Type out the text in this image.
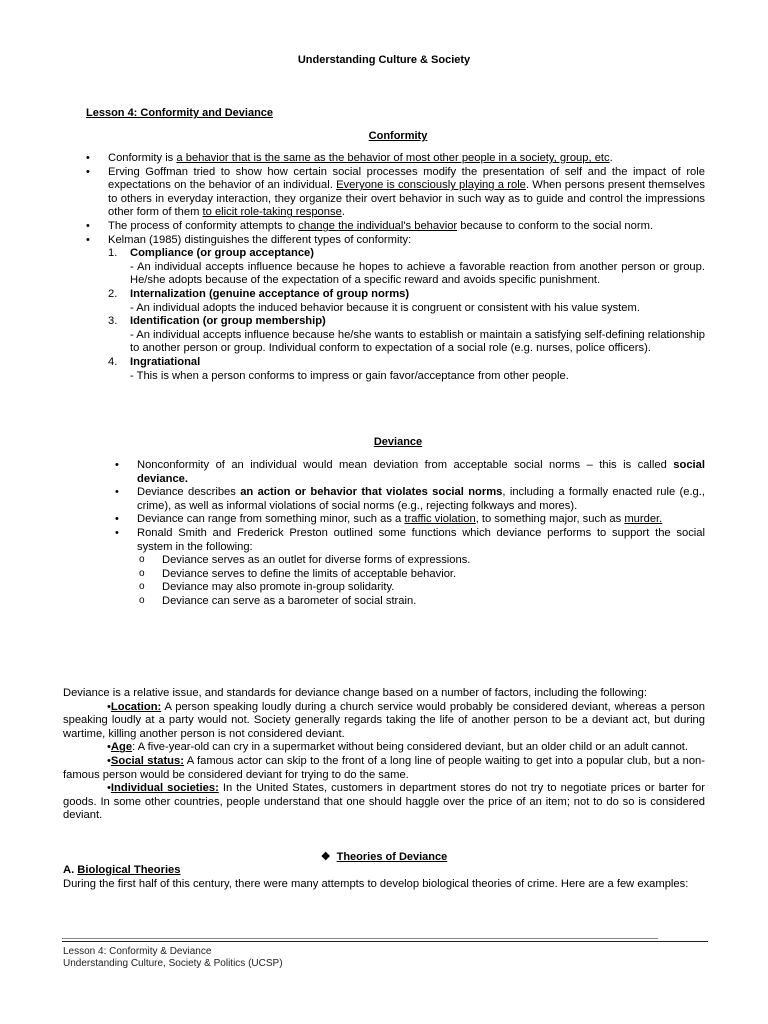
Understanding Culture & Society
Lesson 4: Conformity and Deviance
Conformity
• Conformity is a behavior that is the same as the behavior of most other people in a society, group, etc.
• Erving Goffman tried to show how certain social processes modify the presentation of self and the impact of role expectations on the behavior of an individual. Everyone is consciously playing a role. When persons present themselves to others in everyday interaction, they organize their overt behavior in such way as to guide and control the impressions other form of them to elicit role-taking response.
• The process of conformity attempts to change the individual's behavior because to conform to the social norm.
• Kelman (1985) distinguishes the different types of conformity:
1. Compliance (or group acceptance)
- An individual accepts influence because he hopes to achieve a favorable reaction from another person or group. He/she adopts because of the expectation of a specific reward and avoids specific punishment.
2. Internalization (genuine acceptance of group norms)
- An individual adopts the induced behavior because it is congruent or consistent with his value system.
3. Identification (or group membership)
- An individual accepts influence because he/she wants to establish or maintain a satisfying self-defining relationship to another person or group. Individual conform to expectation of a social role (e.g. nurses, police officers).
4. Ingratiational
- This is when a person conforms to impress or gain favor/acceptance from other people.
Deviance
• Nonconformity of an individual would mean deviation from acceptable social norms – this is called social deviance.
• Deviance describes an action or behavior that violates social norms, including a formally enacted rule (e.g., crime), as well as informal violations of social norms (e.g., rejecting folkways and mores).
• Deviance can range from something minor, such as a traffic violation, to something major, such as murder.
• Ronald Smith and Frederick Preston outlined some functions which deviance performs to support the social system in the following:
o Deviance serves as an outlet for diverse forms of expressions.
o Deviance serves to define the limits of acceptable behavior.
o Deviance may also promote in-group solidarity.
o Deviance can serve as a barometer of social strain.
Deviance is a relative issue, and standards for deviance change based on a number of factors, including the following:
•Location: A person speaking loudly during a church service would probably be considered deviant, whereas a person speaking loudly at a party would not. Society generally regards taking the life of another person to be a deviant act, but during wartime, killing another person is not considered deviant.
•Age: A five-year-old can cry in a supermarket without being considered deviant, but an older child or an adult cannot.
•Social status: A famous actor can skip to the front of a long line of people waiting to get into a popular club, but a non-famous person would be considered deviant for trying to do the same.
•Individual societies: In the United States, customers in department stores do not try to negotiate prices or barter for goods. In some other countries, people understand that one should haggle over the price of an item; not to do so is considered deviant.
❖ Theories of Deviance
A. Biological Theories
During the first half of this century, there were many attempts to develop biological theories of crime. Here are a few examples:
Lesson 4: Conformity & Deviance
Understanding Culture, Society & Politics (UCSP)
